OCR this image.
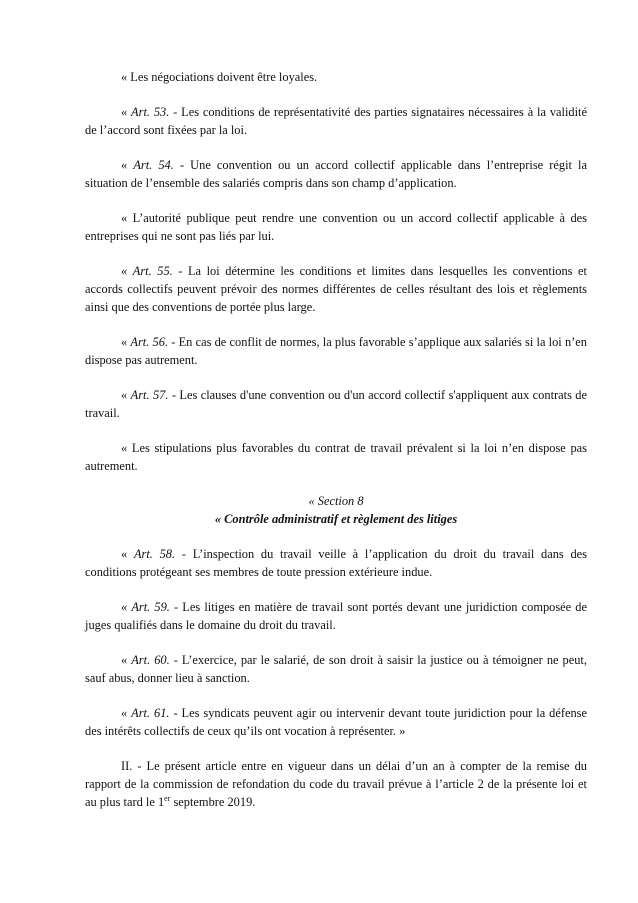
« Les négociations doivent être loyales.

« Art. 53. - Les conditions de représentativité des parties signataires nécessaires à la validité de l’accord sont fixées par la loi.

« Art. 54. - Une convention ou un accord collectif applicable dans l’entreprise régit la situation de l’ensemble des salariés compris dans son champ d’application.

« L’autorité publique peut rendre une convention ou un accord collectif applicable à des entreprises qui ne sont pas liés par lui.

« Art. 55. - La loi détermine les conditions et limites dans lesquelles les conventions et accords collectifs peuvent prévoir des normes différentes de celles résultant des lois et règlements ainsi que des conventions de portée plus large.

« Art. 56. - En cas de conflit de normes, la plus favorable s’applique aux salariés si la loi n’en dispose pas autrement.

« Art. 57. - Les clauses d'une convention ou d'un accord collectif s'appliquent aux contrats de travail.

« Les stipulations plus favorables du contrat de travail prévalent si la loi n’en dispose pas autrement.

« Section 8
« Contrôle administratif et règlement des litiges

« Art. 58. - L’inspection du travail veille à l’application du droit du travail dans des conditions protégeant ses membres de toute pression extérieure indue.

« Art. 59. - Les litiges en matière de travail sont portés devant une juridiction composée de juges qualifiés dans le domaine du droit du travail.

« Art. 60. - L’exercice, par le salarié, de son droit à saisir la justice ou à témoigner ne peut, sauf abus, donner lieu à sanction.

« Art. 61. - Les syndicats peuvent agir ou intervenir devant toute juridiction pour la défense des intérêts collectifs de ceux qu’ils ont vocation à représenter. »

II. - Le présent article entre en vigueur dans un délai d’un an à compter de la remise du rapport de la commission de refondation du code du travail prévue à l’article 2 de la présente loi et au plus tard le 1er septembre 2019.
